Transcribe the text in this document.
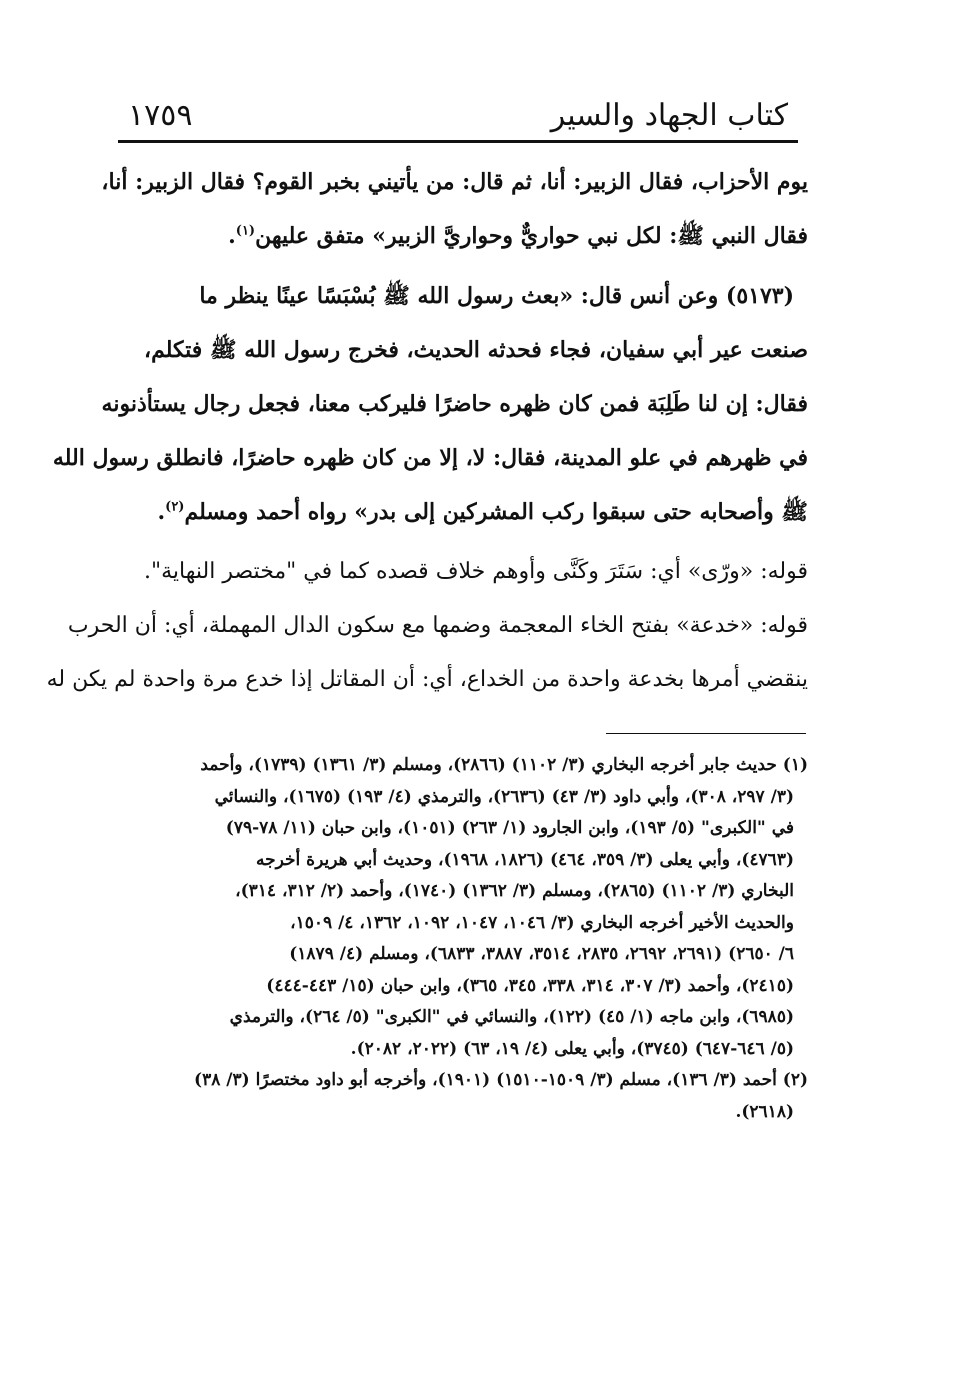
كتاب الجهاد والسير
١٧٥٩
يوم الأحزاب، فقال الزبير: أنا، ثم قال: من يأتيني بخبر القوم؟ فقال الزبير: أنا،
فقال النبي ﷺ: لكل نبي حواريٌّ وحواريَّ الزبير» متفق عليهن$^{(١)}$.
(٥١٧٣) وعن أنس قال: «بعث رسول الله ﷺ بُسْبَسًا عينًا ينظر ما
صنعت عير أبي سفيان، فجاء فحدثه الحديث، فخرج رسول الله ﷺ فتكلم،
فقال: إن لنا طَلِبَة فمن كان ظهره حاضرًا فليركب معنا، فجعل رجال يستأذنونه
في ظهرهم في علو المدينة، فقال: لا، إلا من كان ظهره حاضرًا، فانطلق رسول الله
ﷺ وأصحابه حتى سبقوا ركب المشركين إلى بدر» رواه أحمد ومسلم$^{(٢)}$.
قوله: «ورّى» أي: سَتَرَ وكَنَّى وأوهم خلاف قصده كما في "مختصر النهاية".
قوله: «خدعة» بفتح الخاء المعجمة وضمها مع سكون الدال المهملة، أي: أن الحرب
ينقضي أمرها بخدعة واحدة من الخداع، أي: أن المقاتل إذا خدع مرة واحدة لم يكن له
(١) حديث جابر أخرجه البخاري (٣/ ١١٠٢) (٢٨٦٦)، ومسلم (٣/ ١٣٦١) (١٧٣٩)، وأحمد
(٣/ ٢٩٧، ٣٠٨)، وأبي داود (٣/ ٤٣) (٢٦٣٦)، والترمذي (٤/ ١٩٣) (١٦٧٥)، والنسائي
في "الكبرى" (٥/ ١٩٣)، وابن الجارود (١/ ٢٦٣) (١٠٥١)، وابن حبان (١١/ ٧٨-٧٩)
(٤٧٦٣)، وأبي يعلى (٣/ ٣٥٩، ٤٦٤) (١٨٢٦، ١٩٦٨)، وحديث أبي هريرة أخرجه
البخاري (٣/ ١١٠٢) (٢٨٦٥)، ومسلم (٣/ ١٣٦٢) (١٧٤٠)، وأحمد (٢/ ٣١٢، ٣١٤)،
والحديث الأخير أخرجه البخاري (٣/ ١٠٤٦، ١٠٤٧، ١٠٩٢، ١٣٦٢، ٤/ ١٥٠٩،
٦/ ٢٦٥٠) (٢٦٩١، ٢٦٩٢، ٢٨٣٥، ٣٥١٤، ٣٨٨٧، ٦٨٣٣)، ومسلم (٤/ ١٨٧٩)
(٢٤١٥)، وأحمد (٣/ ٣٠٧، ٣١٤، ٣٣٨، ٣٤٥، ٣٦٥)، وابن حبان (١٥/ ٤٤٣-٤٤٤)
(٦٩٨٥)، وابن ماجه (١/ ٤٥) (١٢٢)، والنسائي في "الكبرى" (٥/ ٢٦٤)، والترمذي
(٥/ ٦٤٦-٦٤٧) (٣٧٤٥)، وأبي يعلى (٤/ ١٩، ٦٣) (٢٠٢٢، ٢٠٨٢).
(٢) أحمد (٣/ ١٣٦)، مسلم (٣/ ١٥٠٩-١٥١٠) (١٩٠١)، وأخرجه أبو داود مختصرًا (٣/ ٣٨)
(٢٦١٨).
